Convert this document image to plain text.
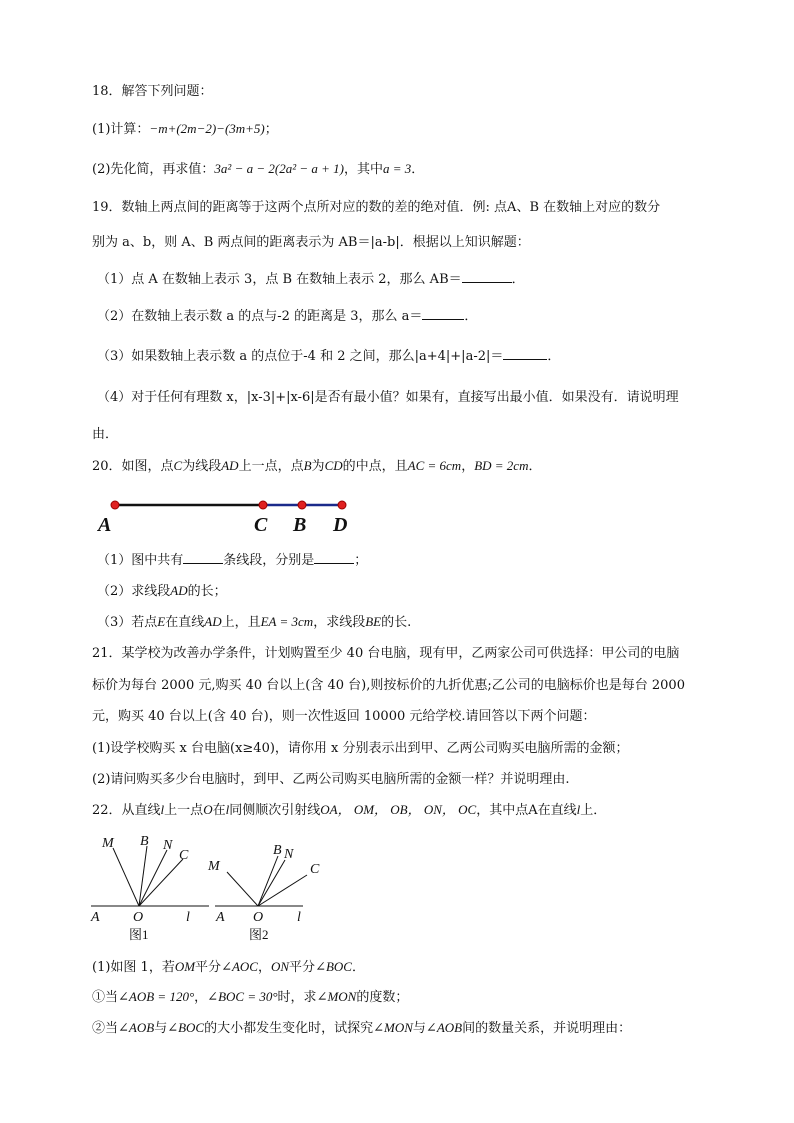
18．解答下列问题：
(1)计算：−m+(2m−2)−(3m+5)；
(2)先化简，再求值：3a² − a − 2(2a² − a + 1)，其中a = 3．
19．数轴上两点间的距离等于这两个点所对应的数的差的绝对值．例: 点A、B 在数轴上对应的数分
别为 a、b，则 A、B 两点间的距离表示为 AB＝|a-b|．根据以上知识解题：
（1）点 A 在数轴上表示 3，点 B 在数轴上表示 2，那么 AB＝	．
（2）在数轴上表示数 a 的点与-2 的距离是 3，那么 a＝	．
（3）如果数轴上表示数 a 的点位于-4 和 2 之间，那么|a+4|+|a-2|＝	．
（4）对于任何有理数 x，|x-3|+|x-6|是否有最小值？如果有，直接写出最小值．如果没有．请说明理
由．
20．如图，点C为线段AD上一点，点B为CD的中点，且AC = 6cm，BD = 2cm．
A	C B D
（1）图中共有	条线段，分别是	；
（2）求线段AD的长；
（3）若点E在直线AD上，且EA = 3cm，求线段BE的长.
21．某学校为改善办学条件，计划购置至少 40 台电脑，现有甲，乙两家公司可供选择：甲公司的电脑
标价为每台 2000 元,购买 40 台以上(含 40 台),则按标价的九折优惠;乙公司的电脑标价也是每台 2000
元，购买 40 台以上(含 40 台)，则一次性返回 10000 元给学校.请回答以下两个问题：
(1)设学校购买 x 台电脑(x≥40)，请你用 x 分别表示出到甲、乙两公司购买电脑所需的金额；
(2)请问购买多少台电脑时，到甲、乙两公司购买电脑所需的金额一样？并说明理由.
22．从直线l上一点O在l同侧顺次引射线OA， OM， OB， ON， OC，其中点A在直线l上．
M B N
C
A O	l
图1
M
B N
C
A O l
图2
(1)如图 1，若OM平分∠AOC，ON平分∠BOC．
①当∠AOB = 120°，∠BOC = 30°时，求∠MON的度数；
②当∠AOB与∠BOC的大小都发生变化时，试探究∠MON与∠AOB间的数量关系，并说明理由：
